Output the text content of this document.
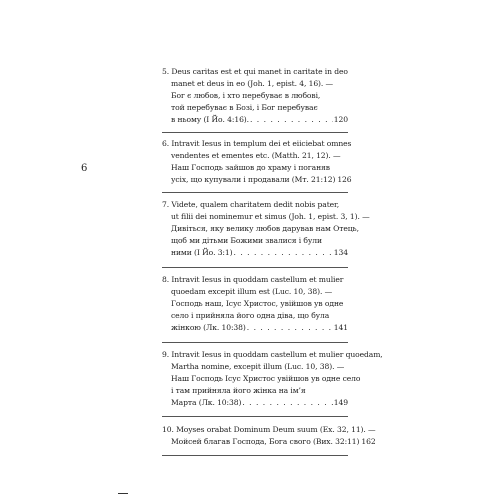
6
5. Deus caritas est et qui manet in caritate in deo
manet et deus in eo (Joh. 1, epist. 4, 16). —
Бог є любов, і хто перебуває в любові,
той перебуває в Бозі, і Бог перебуває
в ньому (I Йо. 4:16). . . .	120
6. Intravit Iesus in templum dei et eiiciebat omnes
vendentes et ementes etc. (Matth. 21, 12). —
Наш Господь зайшов до храму і поганяв
усіх, що купували і продавали (Мт. 21:12) 126
7. Videte, qualem charitatem dedit nobis pater,
ut filii dei nominemur et simus (Joh. 1, epist. 3, 1). —
Дивіться, яку велику любов дарував нам Отець,
щоб ми дітьми Божими звалися і були
ними (I Йо. 3:1) . . .	134
8. Intravit Iesus in quoddam castellum et mulier
quoedam excepit illum est (Luc. 10, 38). —
Господь наш, Ісус Христос, увійшов ув одне
село і прийняла його одна діва, що була
жінкою (Лк. 10:38) . . .	141
9. Intravit Iesus in quoddam castellum et mulier quoedam,
Martha nomine, excepit illum (Luc. 10, 38). —
Наш Господь Ісус Христос увійшов ув одне село
і там прийняла його жінка на ім’я
Марта (Лк. 10:38) . . .	149
10. Moyses orabat Dominum Deum suum (Ex. 32, 11). —
Мойсей благав Господа, Бога свого (Вих. 32:11) 162
